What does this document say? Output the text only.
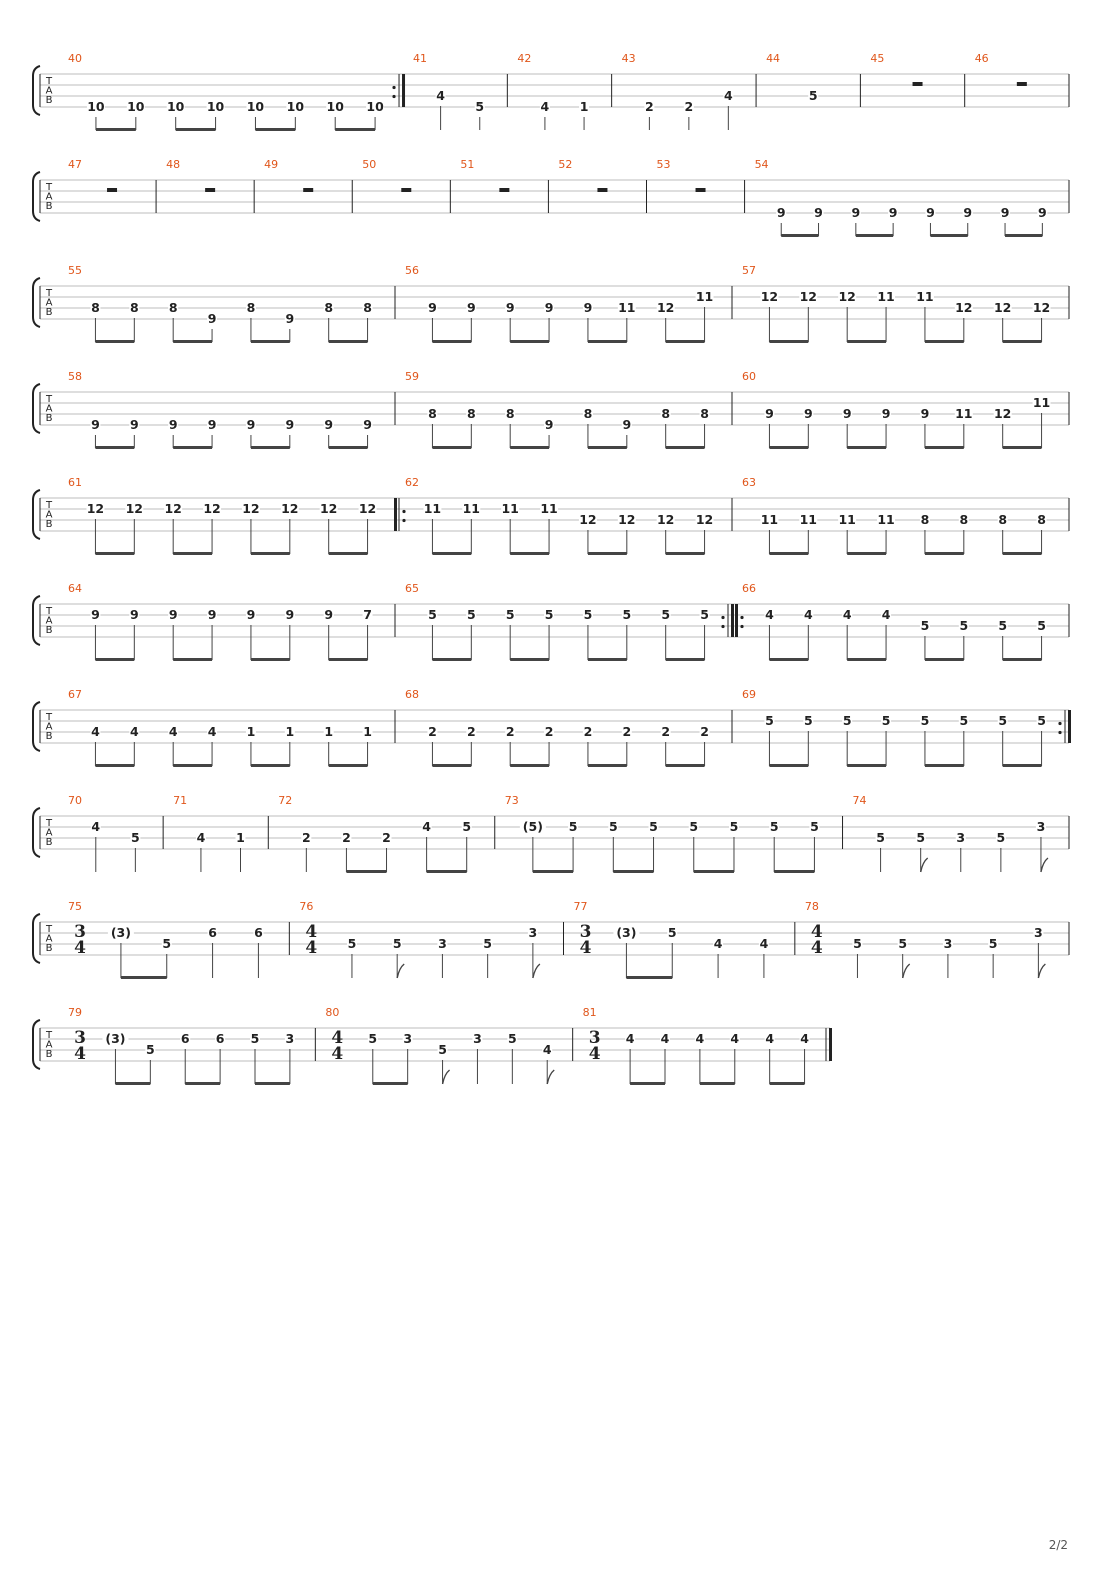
T
A
B
40
10 10 10 10 10 10 10 10
41
4
5
42
4 1
43
2 2
4
44
5
45	46
T
A
B
47	48	49	50	51	52	53	54
9 9 9 9 9 9 9 9
T
A
B
55
8 8 8
9
8
9
8 8
56
9 9 9 9 9 11 12
11
57
12 12 12 11 11
12 12 12
T
A
B
58
9 9 9 9 9 9 9 9
59
8 8 8
9
8
9
8 8
60
9 9 9 9 9 11 12
11
T
A
B
61
12 12 12 12 12 12 12 12
62
11 11 11 11
12 12 12 12
63
11 11 11 11 8 8 8 8
T
A
B
64
9 9 9 9 9 9 9 7
65
5 5 5 5 5 5 5 5
66
4 4 4 4
5 5 5 5
T
A
B
67
4 4 4 4 1 1 1 1
68
2 2 2 2 2 2 2 2
69
5 5 5 5 5 5 5 5
T
A
B
70
4
5
71
4 1
72
2	2	2
4	5
73
(5) 5	5	5	5	5	5	5
74
5	5	3	5
3
T
A
B
75
3
4
(3)
5
6	6
76
4
4 5	5	3	5
3
77
3
4
(3)	5
4	4
78
4
4 5	5	3	5
3
T
A
B
79
3
4
(3)
5
6 6 5 3
80
4
4
5 3
5
3 5
4
81
3
4
4 4 4 4 4 4
2/2
